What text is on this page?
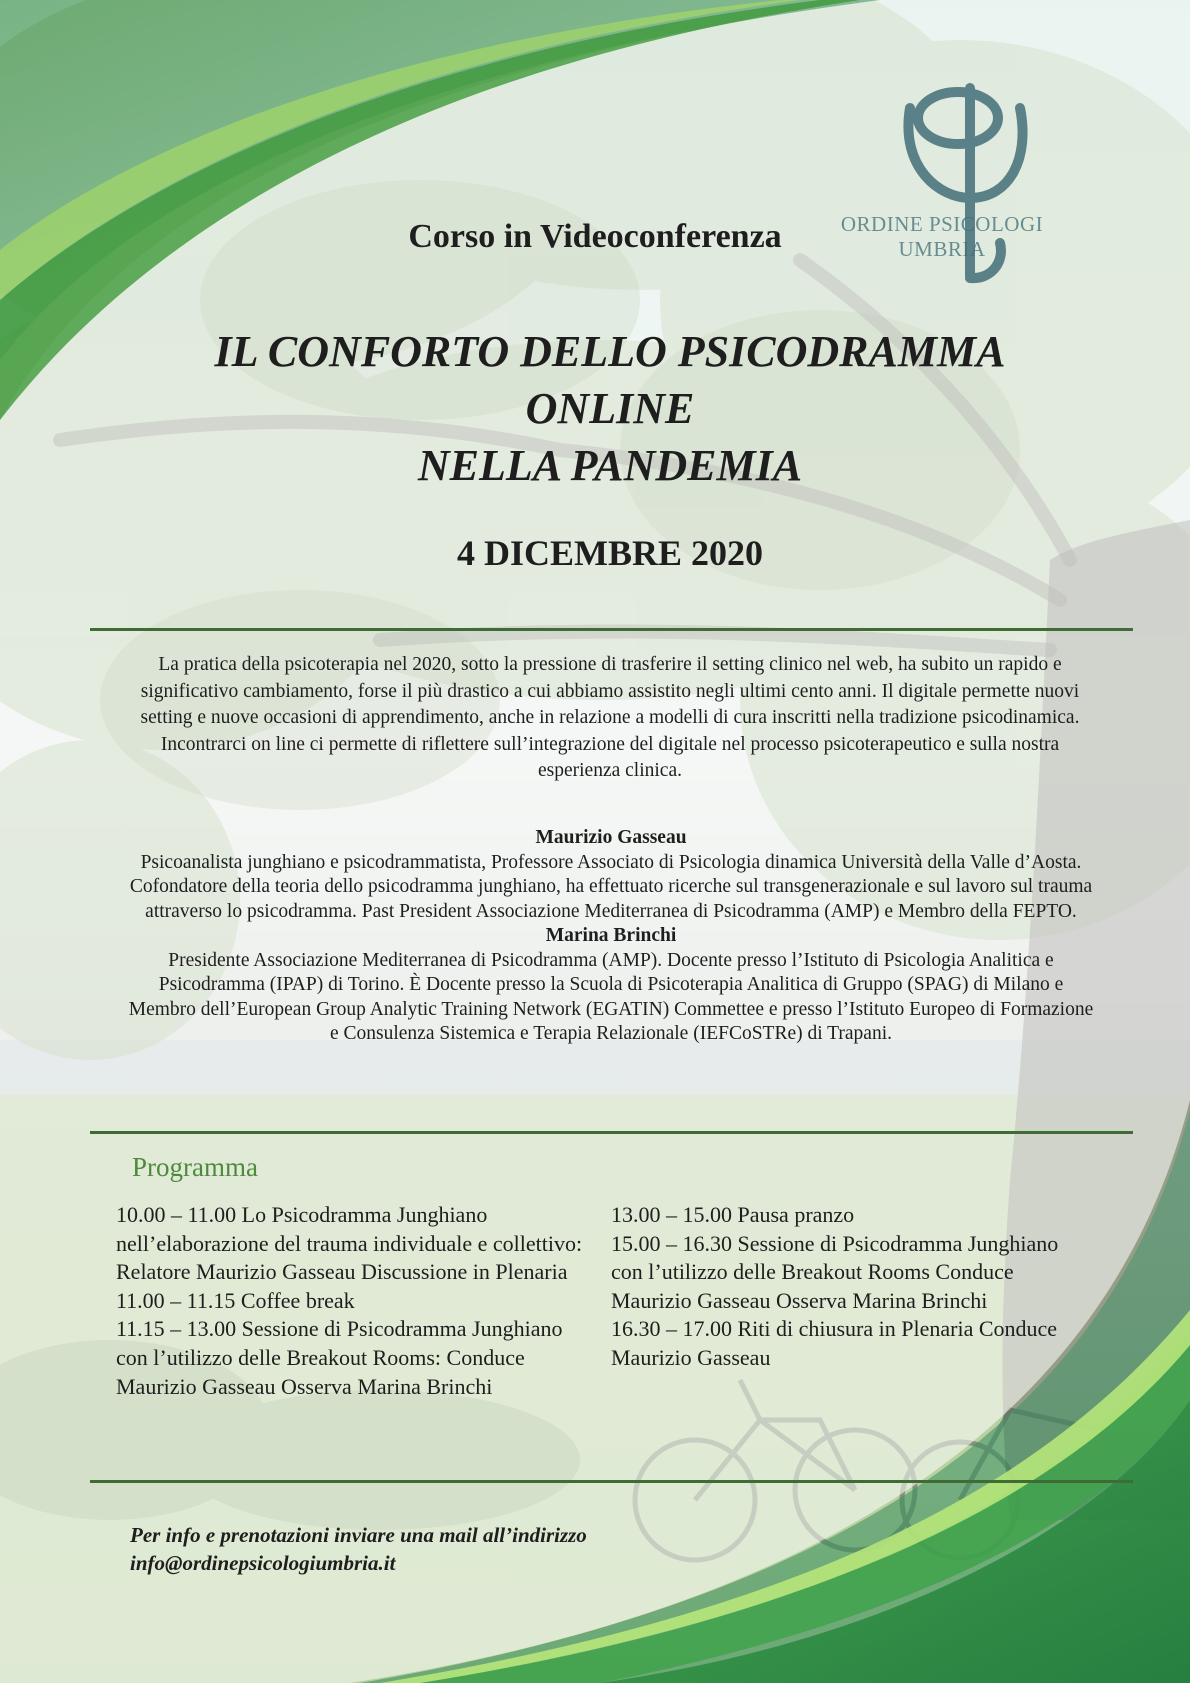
ORDINE PSICOLOGI UMBRIA
Corso in Videoconferenza
IL CONFORTO DELLO PSICODRAMMA
ONLINE
NELLA PANDEMIA
4 DICEMBRE 2020
La pratica della psicoterapia nel 2020, sotto la pressione di trasferire il setting clinico nel web, ha subito un rapido e significativo cambiamento, forse il più drastico a cui abbiamo assistito negli ultimi cento anni. Il digitale permette nuovi setting e nuove occasioni di apprendimento, anche in relazione a modelli di cura inscritti nella tradizione psicodinamica. Incontrarci on line ci permette di riflettere sull’integrazione del digitale nel processo psicoterapeutico e sulla nostra esperienza clinica.
Maurizio Gasseau
Psicoanalista junghiano e psicodrammatista, Professore Associato di Psicologia dinamica Università della Valle d’Aosta. Cofondatore della teoria dello psicodramma junghiano, ha effettuato ricerche sul transgenerazionale e sul lavoro sul trauma attraverso lo psicodramma. Past President Associazione Mediterranea di Psicodramma (AMP) e Membro della FEPTO.
Marina Brinchi
Presidente Associazione Mediterranea di Psicodramma (AMP). Docente presso l’Istituto di Psicologia Analitica e Psicodramma (IPAP) di Torino. È Docente presso la Scuola di Psicoterapia Analitica di Gruppo (SPAG) di Milano e Membro dell’European Group Analytic Training Network (EGATIN) Commettee e presso l’Istituto Europeo di Formazione e Consulenza Sistemica e Terapia Relazionale (IEFCoSTRe) di Trapani.
Programma
10.00 – 11.00 Lo Psicodramma Junghiano nell’elaborazione del trauma individuale e collettivo: Relatore Maurizio Gasseau Discussione in Plenaria
11.00 – 11.15 Coffee break
11.15 – 13.00 Sessione di Psicodramma Junghiano con l’utilizzo delle Breakout Rooms: Conduce Maurizio Gasseau Osserva Marina Brinchi
13.00 – 15.00 Pausa pranzo
15.00 – 16.30 Sessione di Psicodramma Junghiano con l’utilizzo delle Breakout Rooms Conduce Maurizio Gasseau Osserva Marina Brinchi
16.30 – 17.00 Riti di chiusura in Plenaria Conduce Maurizio Gasseau
Per info e prenotazioni inviare una mail all’indirizzo
info@ordinepsicologiumbria.it
